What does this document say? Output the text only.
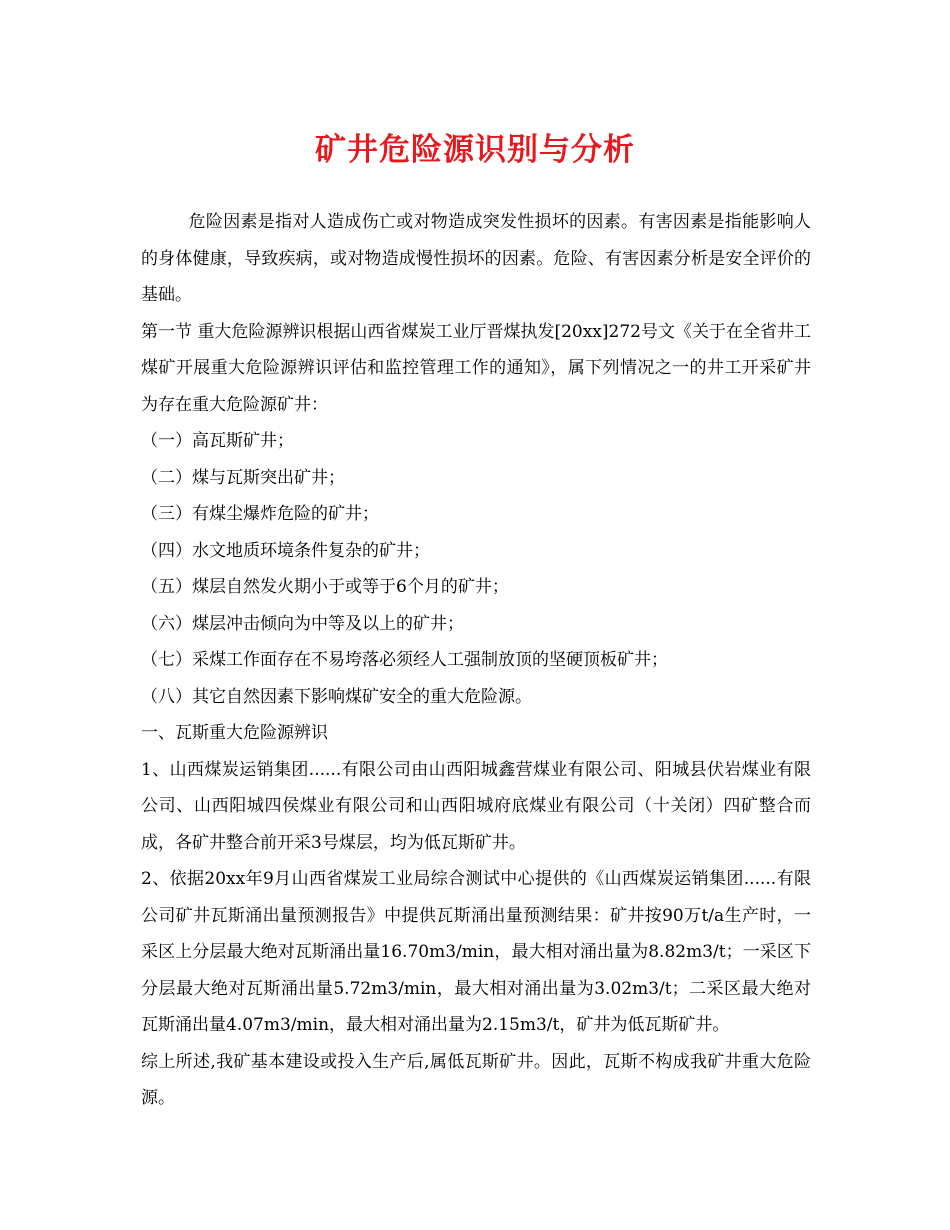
矿井危险源识别与分析

危险因素是指对人造成伤亡或对物造成突发性损坏的因素。有害因素是指能影响人的身体健康，导致疾病，或对物造成慢性损坏的因素。危险、有害因素分析是安全评价的基础。

第一节 重大危险源辨识根据山西省煤炭工业厅晋煤执发[20xx]272号文《关于在全省井工煤矿开展重大危险源辨识评估和监控管理工作的通知》，属下列情况之一的井工开采矿井为存在重大危险源矿井：

（一）高瓦斯矿井；

（二）煤与瓦斯突出矿井；

（三）有煤尘爆炸危险的矿井；

（四）水文地质环境条件复杂的矿井；

（五）煤层自然发火期小于或等于6个月的矿井；

（六）煤层冲击倾向为中等及以上的矿井；

（七）采煤工作面存在不易垮落必须经人工强制放顶的坚硬顶板矿井；

（八）其它自然因素下影响煤矿安全的重大危险源。

一、瓦斯重大危险源辨识

1、山西煤炭运销集团......有限公司由山西阳城鑫营煤业有限公司、阳城县伏岩煤业有限公司、山西阳城四侯煤业有限公司和山西阳城府底煤业有限公司（十关闭）四矿整合而成，各矿井整合前开采3号煤层，均为低瓦斯矿井。

2、依据20xx年9月山西省煤炭工业局综合测试中心提供的《山西煤炭运销集团......有限公司矿井瓦斯涌出量预测报告》中提供瓦斯涌出量预测结果：矿井按90万t/a生产时，一采区上分层最大绝对瓦斯涌出量16.70m3/min，最大相对涌出量为8.82m3/t；一采区下分层最大绝对瓦斯涌出量5.72m3/min，最大相对涌出量为3.02m3/t；二采区最大绝对瓦斯涌出量4.07m3/min，最大相对涌出量为2.15m3/t，矿井为低瓦斯矿井。

综上所述,我矿基本建设或投入生产后,属低瓦斯矿井。因此，瓦斯不构成我矿井重大危险源。
